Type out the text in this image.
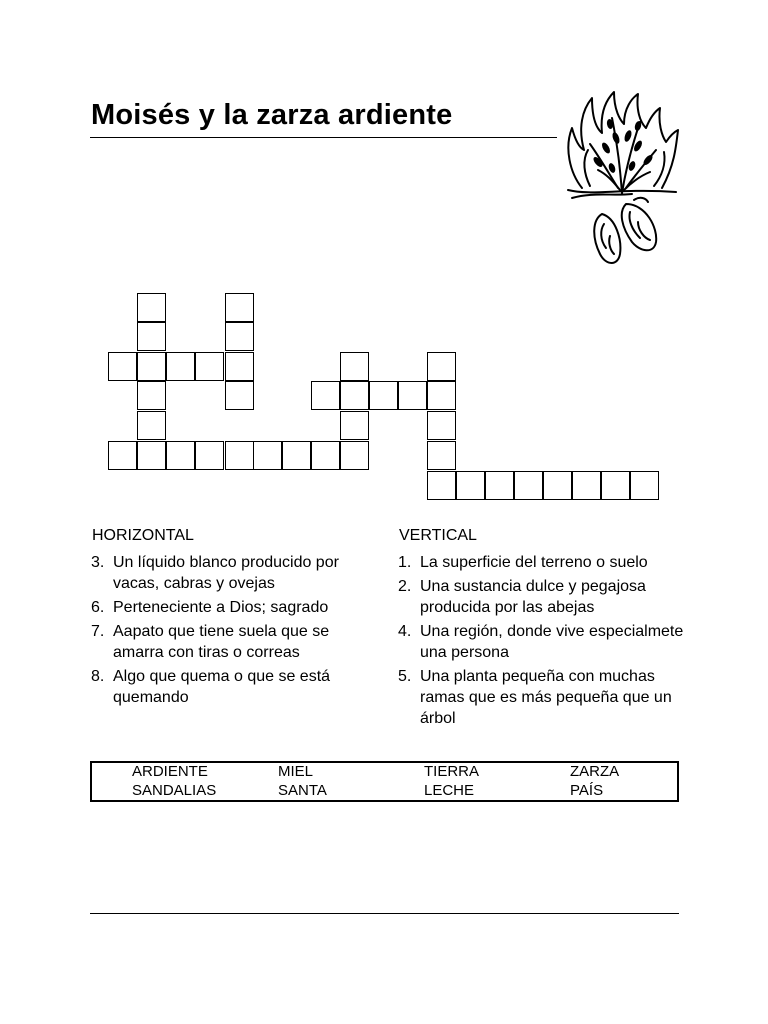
Moisés y la zarza ardiente
HORIZONTAL
3. Un líquido blanco producido por vacas, cabras y ovejas
6. Perteneciente a Dios; sagrado
7. Aapato que tiene suela que se amarra con tiras o correas
8. Algo que quema o que se está quemando
VERTICAL
1. La superficie del terreno o suelo
2. Una sustancia dulce y pegajosa producida por las abejas
4. Una región, donde vive especialmete una persona
5. Una planta pequeña con muchas ramas que es más pequeña que un árbol
ARDIENTE	MIEL	TIERRA	ZARZA
SANDALIAS	SANTA	LECHE	PAÍS
